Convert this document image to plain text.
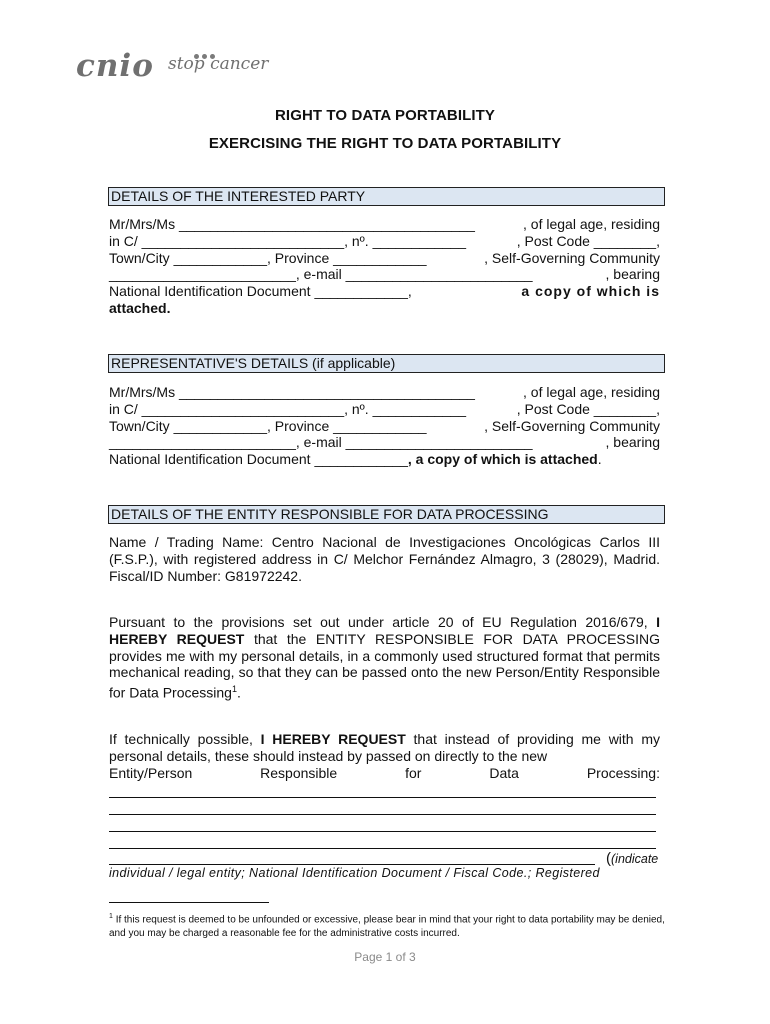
cnio stop cancer
RIGHT TO DATA PORTABILITY
EXERCISING THE RIGHT TO DATA PORTABILITY
DETAILS OF THE INTERESTED PARTY
Mr/Mrs/Ms ______________________________________	, of legal age, residing
in C/ __________________________, nº. ____________	, Post Code ________,
Town/City ____________, Province ____________	, Self-Governing Community
________________________, e-mail ________________________	, bearing
National Identification Document ____________,	a copy of which is
attached.
REPRESENTATIVE'S DETAILS (if applicable)
Mr/Mrs/Ms ______________________________________	, of legal age, residing
in C/ __________________________, nº. ____________	, Post Code ________,
Town/City ____________, Province ____________	, Self-Governing Community
________________________, e-mail ________________________	, bearing
National Identification Document ____________ , a copy of which is attached .
DETAILS OF THE ENTITY RESPONSIBLE FOR DATA PROCESSING
Name / Trading Name: Centro Nacional de Investigaciones Oncológicas Carlos III (F.S.P.), with registered address in C/ Melchor Fernández Almagro, 3 (28029), Madrid. Fiscal/ID Number: G81972242.
Pursuant to the provisions set out under article 20 of EU Regulation 2016/679, I HEREBY REQUEST that the ENTITY RESPONSIBLE FOR DATA PROCESSING provides me with my personal details, in a commonly used structured format that permits mechanical reading, so that they can be passed onto the new Person/Entity Responsible for Data Processing$^1$.
If technically possible, I HEREBY REQUEST that instead of providing me with my personal details, these should instead by passed on directly to the new
Entity/Person	Responsible	for	Data	Processing:
((indicate
individual / legal entity; National Identification Document / Fiscal Code.; Registered
$^1$ If this request is deemed to be unfounded or excessive, please bear in mind that your right to data portability may be denied, and you may be charged a reasonable fee for the administrative costs incurred.
Page 1 of 3
